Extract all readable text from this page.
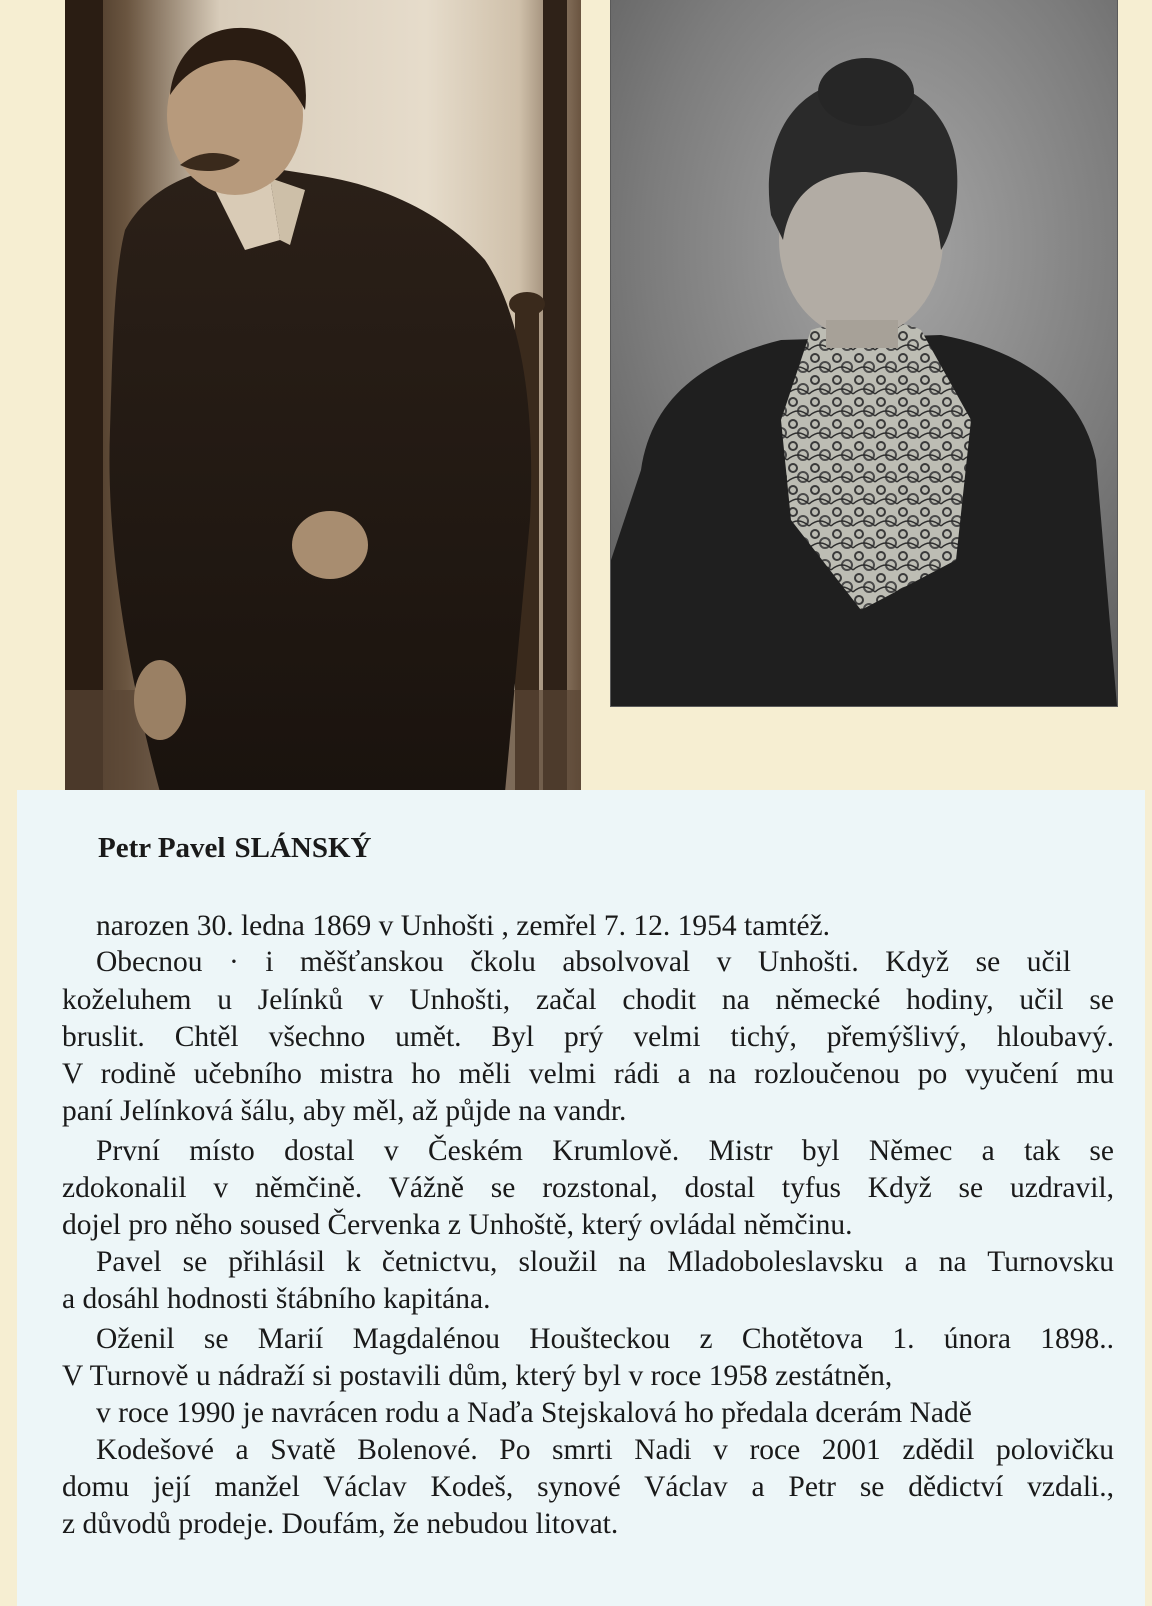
Petr Pavel SLÁNSKÝ

narozen 30. ledna 1869 v Unhošti , zemřel 7. 12. 1954 tamtéž.

Obecnou · i měšťanskou čkolu absolvoval v Unhošti. Když se učil

koželuhem u Jelínků v Unhošti, začal chodit na německé hodiny, učil se

bruslit. Chtěl všechno umět. Byl prý velmi tichý, přemýšlivý, hloubavý.

V rodině učebního mistra ho měli velmi rádi a na rozloučenou po vyučení mu

paní Jelínková šálu, aby měl, až půjde na vandr.

První místo dostal v Českém Krumlově. Mistr byl Němec a tak se

zdokonalil v němčině. Vážně se rozstonal, dostal tyfus Když se uzdravil,

dojel pro něho soused Červenka z Unhoště, který ovládal němčinu.

Pavel se přihlásil k četnictvu, sloužil na Mladoboleslavsku a na Turnovsku

a dosáhl hodnosti štábního kapitána.

Oženil se Marií Magdalénou Houšteckou z Chotětova 1. února 1898..

V Turnově u nádraží si postavili dům, který byl v roce 1958 zestátněn,

v roce 1990 je navrácen rodu a Naďa Stejskalová ho předala dcerám Nadě

Kodešové a Svatě Bolenové. Po smrti Nadi v roce 2001 zdědil polovičku

domu její manžel Václav Kodeš, synové Václav a Petr se dědictví vzdali.,

z důvodů prodeje. Doufám, že nebudou litovat.
